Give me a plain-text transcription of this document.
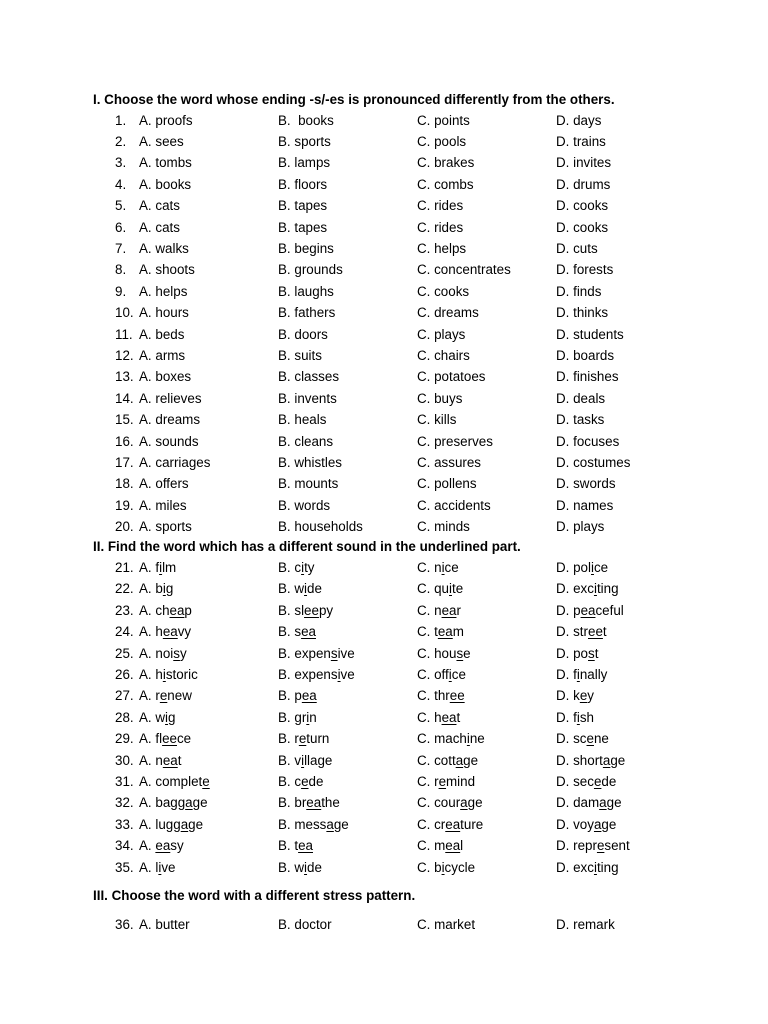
I. Choose the word whose ending -s/-es is pronounced differently from the others.
1. A. proofs	B.  books	C. points	D. days
2. A. sees	B. sports	C. pools	D. trains
3. A. tombs	B. lamps	C. brakes	D. invites
4. A. books	B. floors	C. combs	D. drums
5. A. cats	B. tapes	C. rides	D. cooks
6. A. cats	B. tapes	C. rides	D. cooks
7. A. walks	B. begins	C. helps	D. cuts
8. A. shoots	B. grounds	C. concentrates	D. forests
9. A. helps	B. laughs	C. cooks	D. finds
10. A. hours	B. fathers	C. dreams	D. thinks
11. A. beds	B. doors	C. plays	D. students
12. A. arms	B. suits	C. chairs	D. boards
13. A. boxes	B. classes	C. potatoes	D. finishes
14. A. relieves	B. invents	C. buys	D. deals
15. A. dreams	B. heals	C. kills	D. tasks
16. A. sounds	B. cleans	C. preserves	D. focuses
17. A. carriages	B. whistles	C. assures	D. costumes
18. A. offers	B. mounts	C. pollens	D. swords
19. A. miles	B. words	C. accidents	D. names
20. A. sports	B. households	C. minds	D. plays
II. Find the word which has a different sound in the underlined part.
21. A. film	B. city	C. nice	D. police
22. A. big	B. wide	C. quite	D. exciting
23. A. cheap	B. sleepy	C. near	D. peaceful
24. A. heavy	B. sea	C. team	D. street
25. A. noisy	B. expensive	C. house	D. post
26. A. historic	B. expensive	C. office	D. finally
27. A. renew	B. pea	C. three	D. key
28. A. wig	B. grin	C. heat	D. fish
29. A. fleece	B. return	C. machine	D. scene
30. A. neat	B. village	C. cottage	D. shortage
31. A. complete	B. cede	C. remind	D. secede
32. A. baggage	B. breathe	C. courage	D. damage
33. A. luggage	B. message	C. creature	D. voyage
34. A. easy	B. tea	C. meal	D. represent
35. A. live	B. wide	C. bicycle	D. exciting
III. Choose the word with a different stress pattern.
36. A. butter	B. doctor	C. market	D. remark
